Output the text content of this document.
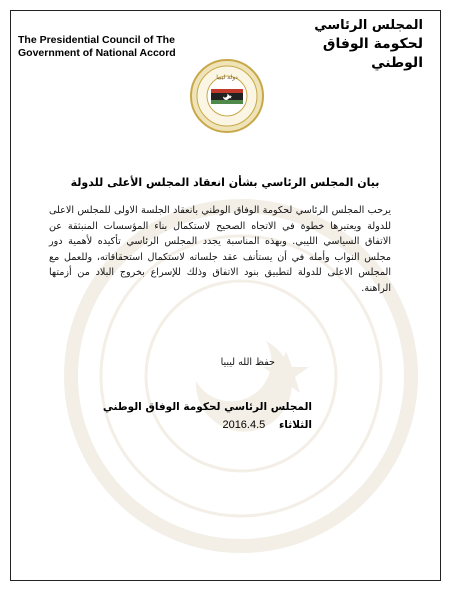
The Presidential Council of The
Government of National Accord
المجلس الرئاسي
لحكومة الوفاق الوطني
دولة ليبيا
بيان المجلس الرئاسي بشأن انعقاد المجلس الأعلى للدولة
يرحب المجلس الرئاسي لحكومة الوفاق الوطني بانعقاد الجلسة الاولى للمجلس الاعلى للدولة ويعتبرها خطوة في الاتجاه الصحيح لاستكمال بناء المؤسسات المنبثقة عن الاتفاق السياسي الليبي. وبهذه المناسبة يجدد المجلس الرئاسي تأكيده لأهمية دور مجلس النواب وأمله في أن يستأنف عقد جلساته لاستكمال استحقاقاته، وللعمل مع المجلس الاعلى للدولة لتطبيق بنود الاتفاق وذلك للإسراع بخروج البلاد من أزمتها الراهنة.
حفظ الله ليبيا
المجلس الرئاسي لحكومة الوفاق الوطني
الثلاثاء 2016.4.5
